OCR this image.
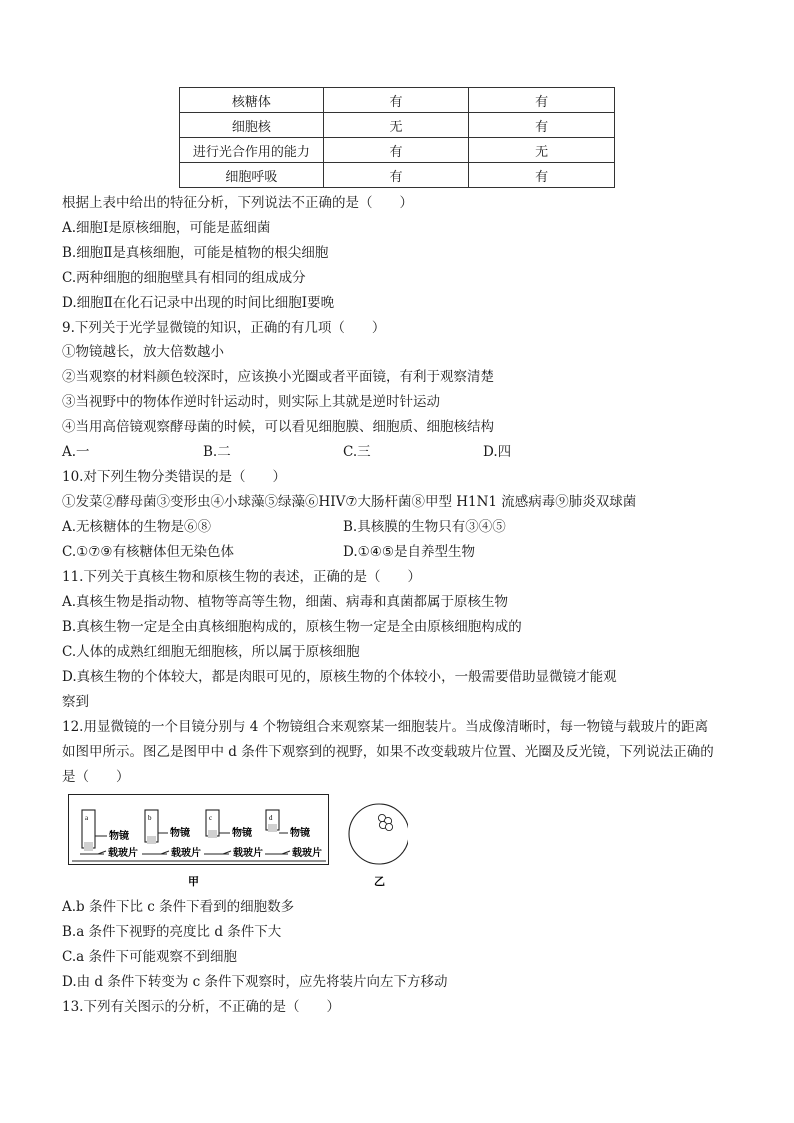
核糖体	有	有
细胞核	无	有
进行光合作用的能力	有	无
细胞呼吸	有	有
根据上表中给出的特征分析，下列说法不正确的是（　　）
A.细胞Ⅰ是原核细胞，可能是蓝细菌
B.细胞Ⅱ是真核细胞，可能是植物的根尖细胞
C.两种细胞的细胞壁具有相同的组成成分
D.细胞Ⅱ在化石记录中出现的时间比细胞Ⅰ要晚
9.下列关于光学显微镜的知识，正确的有几项（　　）
①物镜越长，放大倍数越小
②当观察的材料颜色较深时，应该换小光圈或者平面镜，有利于观察清楚
③当视野中的物体作逆时针运动时，则实际上其就是逆时针运动
④当用高倍镜观察酵母菌的时候，可以看见细胞膜、细胞质、细胞核结构
A.一	B.二	C.三	D.四
10.对下列生物分类错误的是（　　）
①发菜②酵母菌③变形虫④小球藻⑤绿藻⑥HIV⑦大肠杆菌⑧甲型 H1N1 流感病毒⑨肺炎双球菌
A.无核糖体的生物是⑥⑧	B.具核膜的生物只有③④⑤
C.①⑦⑨有核糖体但无染色体	D.①④⑤是自养型生物
11.下列关于真核生物和原核生物的表述，正确的是（　　）
A.真核生物是指动物、植物等高等生物，细菌、病毒和真菌都属于原核生物
B.真核生物一定是全由真核细胞构成的，原核生物一定是全由原核细胞构成的
C.人体的成熟红细胞无细胞核，所以属于原核细胞
D.真核生物的个体较大，都是肉眼可见的，原核生物的个体较小，一般需要借助显微镜才能观
察到
12.用显微镜的一个目镜分别与 4 个物镜组合来观察某一细胞装片。当成像清晰时，每一物镜与载玻片的距离
如图甲所示。图乙是图甲中 d 条件下观察到的视野，如果不改变载玻片位置、光圈及反光镜，下列说法正确的
是（　　）
a
物镜
载玻片
b
物镜
载玻片
c
物镜
载玻片
d
物镜
载玻片
甲	乙
A.b 条件下比 c 条件下看到的细胞数多
B.a 条件下视野的亮度比 d 条件下大
C.a 条件下可能观察不到细胞
D.由 d 条件下转变为 c 条件下观察时，应先将装片向左下方移动
13.下列有关图示的分析，不正确的是（　　）
